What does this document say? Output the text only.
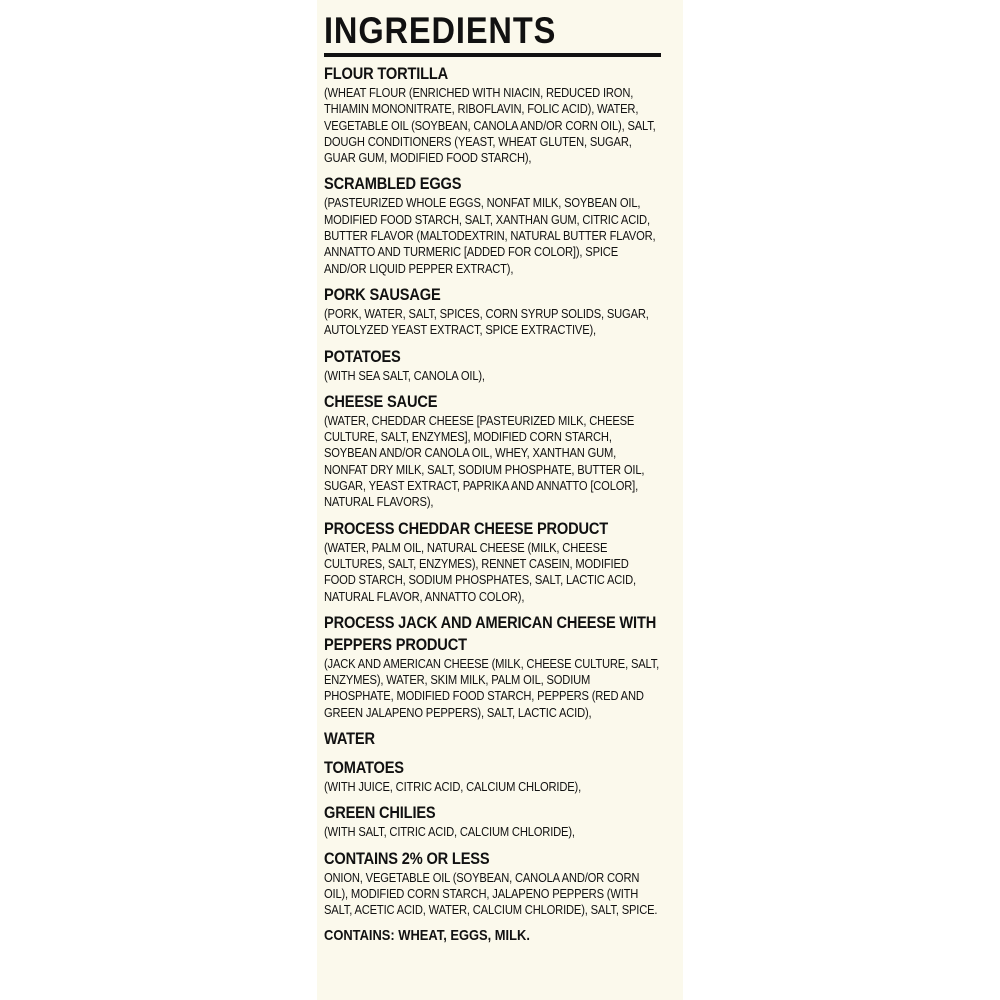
INGREDIENTS
FLOUR TORTILLA
(WHEAT FLOUR (ENRICHED WITH NIACIN, REDUCED IRON, THIAMIN MONONITRATE, RIBOFLAVIN, FOLIC ACID), WATER, VEGETABLE OIL (SOYBEAN, CANOLA AND/OR CORN OIL), SALT, DOUGH CONDITIONERS (YEAST, WHEAT GLUTEN, SUGAR, GUAR GUM, MODIFIED FOOD STARCH),
SCRAMBLED EGGS
(PASTEURIZED WHOLE EGGS, NONFAT MILK, SOYBEAN OIL, MODIFIED FOOD STARCH, SALT, XANTHAN GUM, CITRIC ACID, BUTTER FLAVOR (MALTODEXTRIN, NATURAL BUTTER FLAVOR, ANNATTO AND TURMERIC [ADDED FOR COLOR]), SPICE AND/OR LIQUID PEPPER EXTRACT),
PORK SAUSAGE
(PORK, WATER, SALT, SPICES, CORN SYRUP SOLIDS, SUGAR, AUTOLYZED YEAST EXTRACT, SPICE EXTRACTIVE),
POTATOES
(WITH SEA SALT, CANOLA OIL),
CHEESE SAUCE
(WATER, CHEDDAR CHEESE [PASTEURIZED MILK, CHEESE CULTURE, SALT, ENZYMES], MODIFIED CORN STARCH, SOYBEAN AND/OR CANOLA OIL, WHEY, XANTHAN GUM, NONFAT DRY MILK, SALT, SODIUM PHOSPHATE, BUTTER OIL, SUGAR, YEAST EXTRACT, PAPRIKA AND ANNATTO [COLOR], NATURAL FLAVORS),
PROCESS CHEDDAR CHEESE PRODUCT
(WATER, PALM OIL, NATURAL CHEESE (MILK, CHEESE CULTURES, SALT, ENZYMES), RENNET CASEIN, MODIFIED FOOD STARCH, SODIUM PHOSPHATES, SALT, LACTIC ACID, NATURAL FLAVOR, ANNATTO COLOR),
PROCESS JACK AND AMERICAN CHEESE WITH PEPPERS PRODUCT
(JACK AND AMERICAN CHEESE (MILK, CHEESE CULTURE, SALT, ENZYMES), WATER, SKIM MILK, PALM OIL, SODIUM PHOSPHATE, MODIFIED FOOD STARCH, PEPPERS (RED AND GREEN JALAPENO PEPPERS), SALT, LACTIC ACID),
WATER
TOMATOES
(WITH JUICE, CITRIC ACID, CALCIUM CHLORIDE),
GREEN CHILIES
(WITH SALT, CITRIC ACID, CALCIUM CHLORIDE),
CONTAINS 2% OR LESS
ONION, VEGETABLE OIL (SOYBEAN, CANOLA AND/OR CORN OIL), MODIFIED CORN STARCH, JALAPENO PEPPERS (WITH SALT, ACETIC ACID, WATER, CALCIUM CHLORIDE), SALT, SPICE.
CONTAINS: WHEAT, EGGS, MILK.
